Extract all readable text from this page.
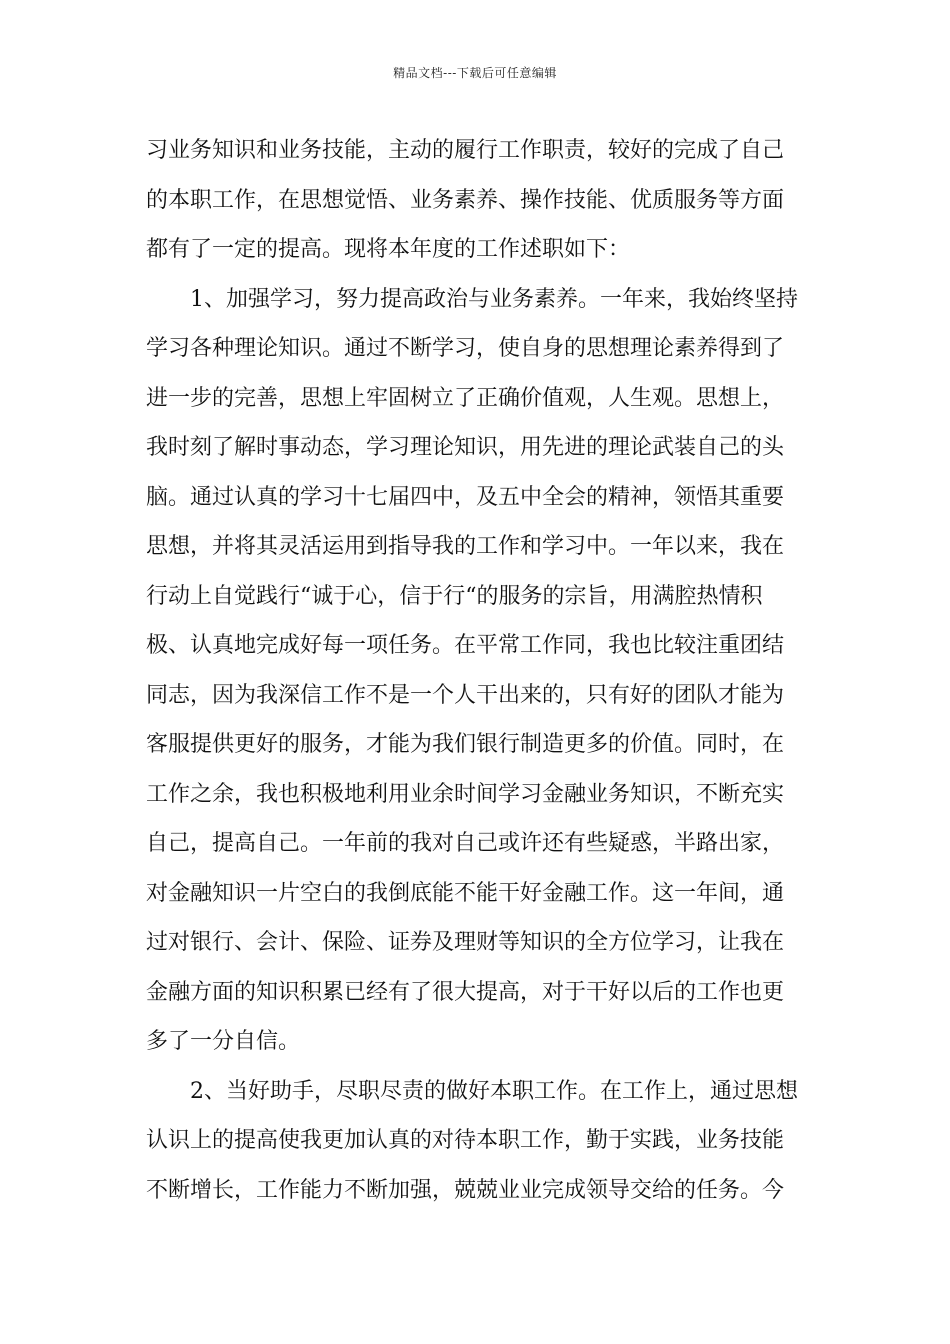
精品文档---下载后可任意编辑
习业务知识和业务技能，主动的履行工作职责，较好的完成了自己
的本职工作，在思想觉悟、业务素养、操作技能、优质服务等方面
都有了一定的提高。现将本年度的工作述职如下：
1、加强学习，努力提高政治与业务素养。一年来，我始终坚持
学习各种理论知识。通过不断学习，使自身的思想理论素养得到了
进一步的完善，思想上牢固树立了正确价值观，人生观。思想上，
我时刻了解时事动态，学习理论知识，用先进的理论武装自己的头
脑。通过认真的学习十七届四中，及五中全会的精神，领悟其重要
思想，并将其灵活运用到指导我的工作和学习中。一年以来，我在
行动上自觉践行“诚于心，信于行“的服务的宗旨，用满腔热情积
极、认真地完成好每一项任务。在平常工作同，我也比较注重团结
同志，因为我深信工作不是一个人干出来的，只有好的团队才能为
客服提供更好的服务，才能为我们银行制造更多的价值。同时，在
工作之余，我也积极地利用业余时间学习金融业务知识，不断充实
自己，提高自己。一年前的我对自己或许还有些疑惑，半路出家，
对金融知识一片空白的我倒底能不能干好金融工作。这一年间，通
过对银行、会计、保险、证券及理财等知识的全方位学习，让我在
金融方面的知识积累已经有了很大提高，对于干好以后的工作也更
多了一分自信。
2、当好助手，尽职尽责的做好本职工作。在工作上，通过思想
认识上的提高使我更加认真的对待本职工作，勤于实践，业务技能
不断增长，工作能力不断加强，兢兢业业完成领导交给的任务。今
